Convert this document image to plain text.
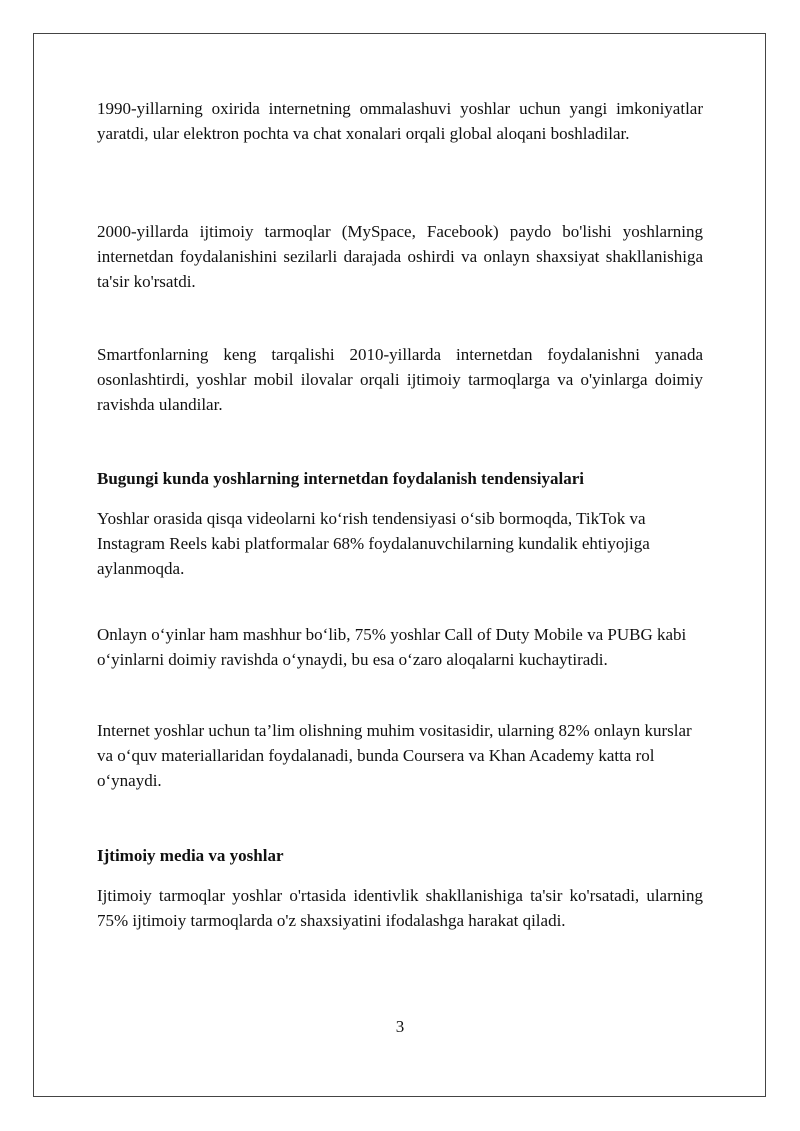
1990-yillarning oxirida internetning ommalashuvi yoshlar uchun yangi imkoniyatlar yaratdi, ular elektron pochta va chat xonalari orqali global aloqani boshladilar.

2000-yillarda ijtimoiy tarmoqlar (MySpace, Facebook) paydo bo'lishi yoshlarning internetdan foydalanishini sezilarli darajada oshirdi va onlayn shaxsiyat shakllanishiga ta'sir ko'rsatdi.

Smartfonlarning keng tarqalishi 2010-yillarda internetdan foydalanishni yanada osonlashtirdi, yoshlar mobil ilovalar orqali ijtimoiy tarmoqlarga va o'yinlarga doimiy ravishda ulandilar.

Bugungi kunda yoshlarning internetdan foydalanish tendensiyalari

Yoshlar orasida qisqa videolarni ko‘rish tendensiyasi o‘sib bormoqda, TikTok va Instagram Reels kabi platformalar 68% foydalanuvchilarning kundalik ehtiyojiga aylanmoqda.

Onlayn o‘yinlar ham mashhur bo‘lib, 75% yoshlar Call of Duty Mobile va PUBG kabi o‘yinlarni doimiy ravishda o‘ynaydi, bu esa o‘zaro aloqalarni kuchaytiradi.

Internet yoshlar uchun ta’lim olishning muhim vositasidir, ularning 82% onlayn kurslar va o‘quv materiallaridan foydalanadi, bunda Coursera va Khan Academy katta rol o‘ynaydi.

Ijtimoiy media va yoshlar

Ijtimoiy tarmoqlar yoshlar o'rtasida identivlik shakllanishiga ta'sir ko'rsatadi, ularning 75% ijtimoiy tarmoqlarda o'z shaxsiyatini ifodalashga harakat qiladi.

3
